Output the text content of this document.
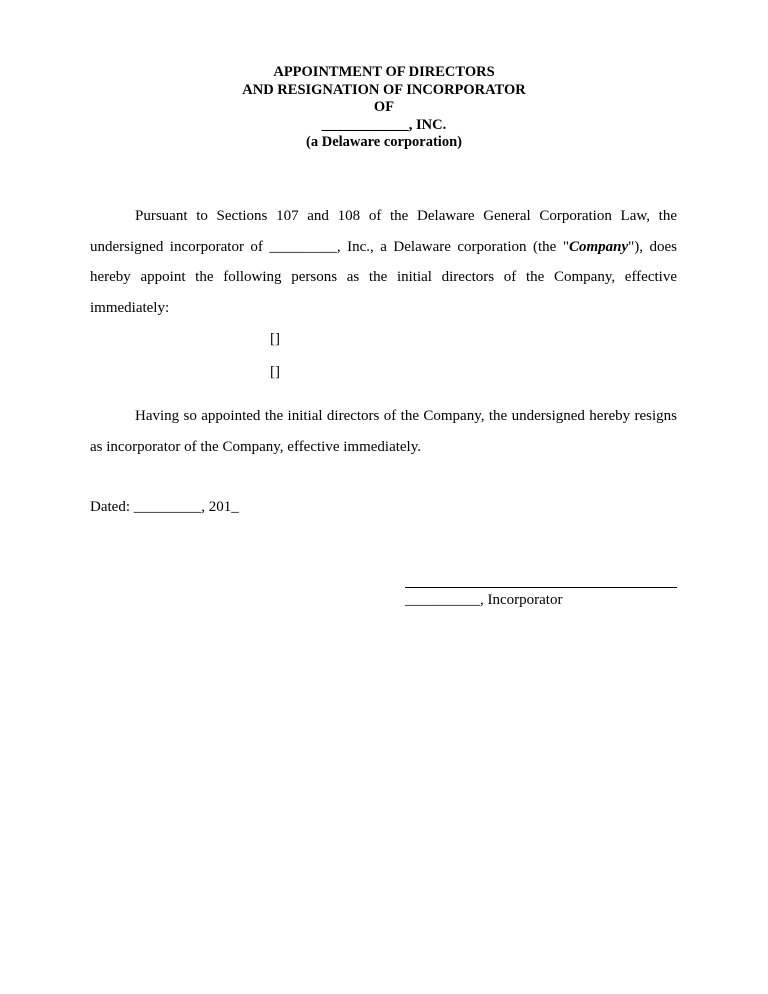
APPOINTMENT OF DIRECTORS
AND RESIGNATION OF INCORPORATOR
OF
____________, INC.
(a Delaware corporation)
Pursuant to Sections 107 and 108 of the Delaware General Corporation Law, the undersigned incorporator of _________, Inc., a Delaware corporation (the "Company"), does hereby appoint the following persons as the initial directors of the Company, effective immediately:
[]
[]
Having so appointed the initial directors of the Company, the undersigned hereby resigns as incorporator of the Company, effective immediately.
Dated: _________, 201_
__________, Incorporator
